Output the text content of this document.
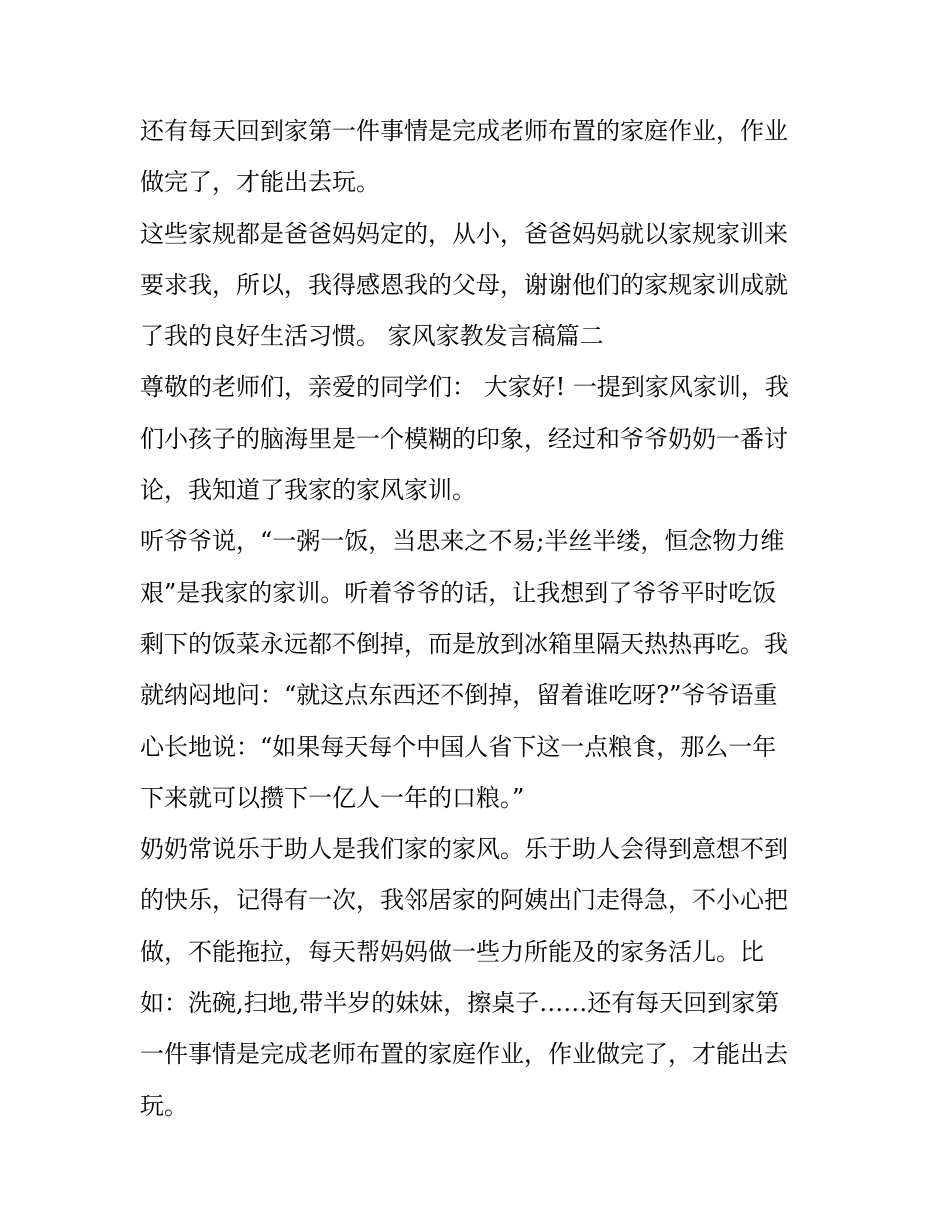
还有每天回到家第一件事情是完成老师布置的家庭作业，作业
做完了，才能出去玩。
这些家规都是爸爸妈妈定的，从小，爸爸妈妈就以家规家训来
要求我，所以，我得感恩我的父母，谢谢他们的家规家训成就
了我的良好生活习惯。 家风家教发言稿篇二
尊敬的老师们，亲爱的同学们： 大家好! 一提到家风家训，我
们小孩子的脑海里是一个模糊的印象，经过和爷爷奶奶一番讨
论，我知道了我家的家风家训。
听爷爷说，“一粥一饭，当思来之不易;半丝半缕，恒念物力维
艰”是我家的家训。听着爷爷的话，让我想到了爷爷平时吃饭
剩下的饭菜永远都不倒掉，而是放到冰箱里隔天热热再吃。我
就纳闷地问：“就这点东西还不倒掉，留着谁吃呀?”爷爷语重
心长地说：“如果每天每个中国人省下这一点粮食，那么一年
下来就可以攒下一亿人一年的口粮。”
奶奶常说乐于助人是我们家的家风。乐于助人会得到意想不到
的快乐，记得有一次，我邻居家的阿姨出门走得急，不小心把
做，不能拖拉，每天帮妈妈做一些力所能及的家务活儿。比
如：洗碗,扫地,带半岁的妹妹，擦桌子……还有每天回到家第
一件事情是完成老师布置的家庭作业，作业做完了，才能出去
玩。
